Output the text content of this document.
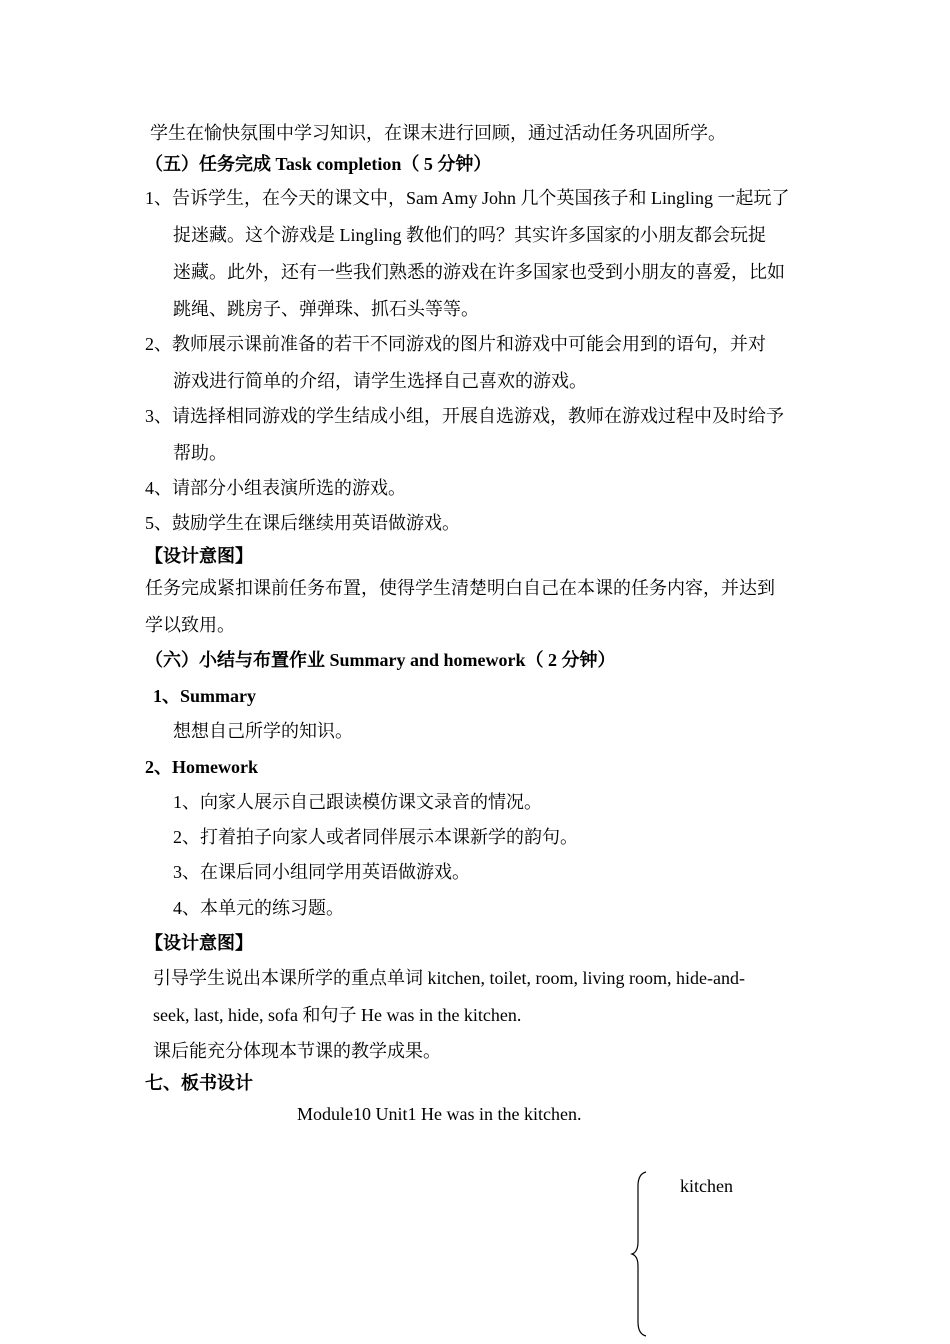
学生在愉快氛围中学习知识，在课末进行回顾，通过活动任务巩固所学。
（五）任务完成 Task completion（ 5 分钟）
1、告诉学生，在今天的课文中，Sam Amy John 几个英国孩子和 Lingling 一起玩了
捉迷藏。这个游戏是 Lingling 教他们的吗？其实许多国家的小朋友都会玩捉
迷藏。此外，还有一些我们熟悉的游戏在许多国家也受到小朋友的喜爱，比如
跳绳、跳房子、弹弹珠、抓石头等等。
2、教师展示课前准备的若干不同游戏的图片和游戏中可能会用到的语句，并对
游戏进行简单的介绍，请学生选择自己喜欢的游戏。
3、请选择相同游戏的学生结成小组，开展自选游戏，教师在游戏过程中及时给予
帮助。
4、请部分小组表演所选的游戏。
5、鼓励学生在课后继续用英语做游戏。
【设计意图】
任务完成紧扣课前任务布置，使得学生清楚明白自己在本课的任务内容，并达到
学以致用。
（六）小结与布置作业 Summary and homework（ 2 分钟）
1、Summary
想想自己所学的知识。
2、Homework
1、向家人展示自己跟读模仿课文录音的情况。
2、打着拍子向家人或者同伴展示本课新学的韵句。
3、在课后同小组同学用英语做游戏。
4、本单元的练习题。
【设计意图】
引导学生说出本课所学的重点单词 kitchen, toilet, room, living room, hide-and-
seek, last, hide, sofa 和句子 He was in the kitchen.
课后能充分体现本节课的教学成果。
七、板书设计
Module10 Unit1 He was in the kitchen.
kitchen
